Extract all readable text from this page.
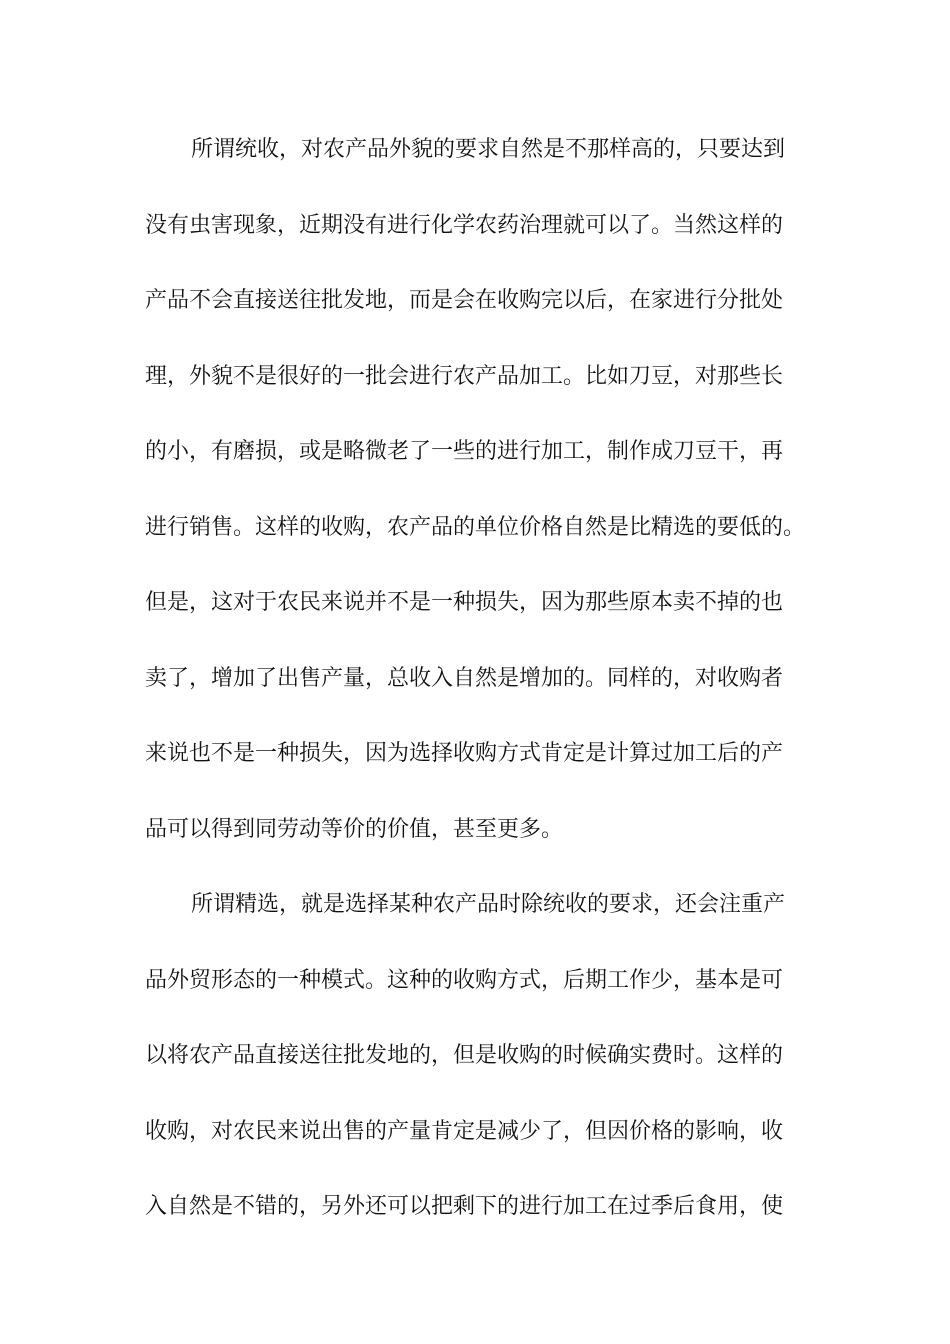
所谓统收，对农产品外貌的要求自然是不那样高的，只要达到
没有虫害现象，近期没有进行化学农药治理就可以了。当然这样的
产品不会直接送往批发地，而是会在收购完以后，在家进行分批处
理，外貌不是很好的一批会进行农产品加工。比如刀豆，对那些长
的小，有磨损，或是略微老了一些的进行加工，制作成刀豆干，再
进行销售。这样的收购，农产品的单位价格自然是比精选的要低的。
但是，这对于农民来说并不是一种损失，因为那些原本卖不掉的也
卖了，增加了出售产量，总收入自然是增加的。同样的，对收购者
来说也不是一种损失，因为选择收购方式肯定是计算过加工后的产
品可以得到同劳动等价的价值，甚至更多。
所谓精选，就是选择某种农产品时除统收的要求，还会注重产
品外贸形态的一种模式。这种的收购方式，后期工作少，基本是可
以将农产品直接送往批发地的，但是收购的时候确实费时。这样的
收购，对农民来说出售的产量肯定是减少了，但因价格的影响，收
入自然是不错的，另外还可以把剩下的进行加工在过季后食用，使
